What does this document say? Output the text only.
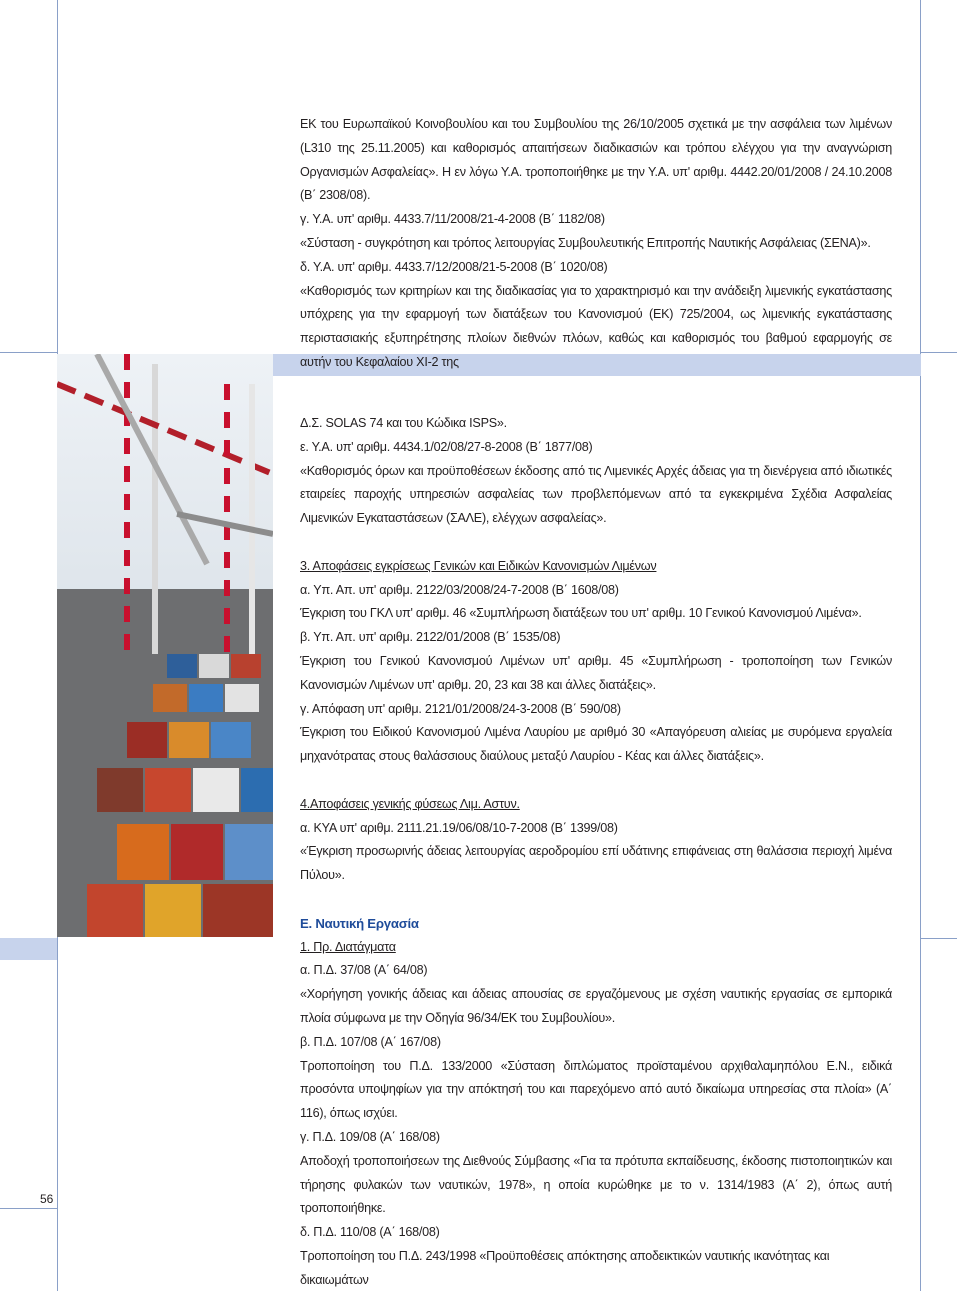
ΕΚ του Ευρωπαϊκού Κοινοβουλίου και του Συμβουλίου της 26/10/2005 σχετικά με την ασφάλεια των λιμένων (L310 της 25.11.2005) και καθορισμός απαιτήσεων διαδικασιών και τρόπου ελέγχου για την αναγνώριση Οργανισμών Ασφαλείας». Η εν λόγω Υ.Α. τροποποιήθηκε με την Υ.Α. υπ' αριθμ. 4442.20/01/2008 / 24.10.2008 (Β΄ 2308/08).

γ. Υ.Α. υπ' αριθμ. 4433.7/11/2008/21-4-2008 (Β΄ 1182/08)

«Σύσταση - συγκρότηση και τρόπος λειτουργίας Συμβουλευτικής Επιτροπής Ναυτικής Ασφάλειας (ΣΕΝΑ)».

δ. Υ.Α. υπ' αριθμ. 4433.7/12/2008/21-5-2008 (Β΄ 1020/08)

«Καθορισμός των κριτηρίων και της διαδικασίας για το χαρακτηρισμό και την ανάδειξη λιμενικής εγκατάστασης υπόχρεης για την εφαρμογή των διατάξεων του Κανονισμού (ΕΚ) 725/2004, ως λιμενικής εγκατάστασης περιστασιακής εξυπηρέτησης πλοίων διεθνών πλόων, καθώς και καθορισμός του βαθμού εφαρμογής σε αυτήν του Κεφαλαίου XI-2 της

Δ.Σ. SOLAS 74 και του Κώδικα ISPS».

ε. Υ.Α. υπ' αριθμ. 4434.1/02/08/27-8-2008 (Β΄ 1877/08)

«Καθορισμός όρων και προϋποθέσεων έκδοσης από τις Λιμενικές Αρχές άδειας για τη διενέργεια από ιδιωτικές εταιρείες παροχής υπηρεσιών ασφαλείας των προβλεπόμενων από τα εγκεκριμένα Σχέδια Ασφαλείας Λιμενικών Εγκαταστάσεων (ΣΑΛΕ), ελέγχων ασφαλείας».

3. Αποφάσεις εγκρίσεως Γενικών και Ειδικών Κανονισμών Λιμένων

α. Υπ. Απ. υπ' αριθμ. 2122/03/2008/24-7-2008 (Β΄ 1608/08)

Έγκριση του ΓΚΛ υπ' αριθμ. 46 «Συμπλήρωση διατάξεων του υπ' αριθμ. 10 Γενικού Κανονισμού Λιμένα».

β. Υπ. Απ. υπ' αριθμ. 2122/01/2008 (Β΄ 1535/08)

Έγκριση του Γενικού Κανονισμού Λιμένων υπ' αριθμ. 45 «Συμπλήρωση - τροποποίηση των Γενικών Κανονισμών Λιμένων υπ' αριθμ. 20, 23 και 38 και άλλες διατάξεις».

γ. Απόφαση υπ' αριθμ. 2121/01/2008/24-3-2008 (Β΄ 590/08)

Έγκριση του Ειδικού Κανονισμού Λιμένα Λαυρίου με αριθμό 30 «Απαγόρευση αλιείας με συρόμενα εργαλεία μηχανότρατας στους θαλάσσιους διαύλους μεταξύ Λαυρίου - Κέας και άλλες διατάξεις».

4.Αποφάσεις γενικής φύσεως Λιμ. Αστυν.

α. ΚΥΑ υπ' αριθμ. 2111.21.19/06/08/10-7-2008 (Β΄ 1399/08)

«Έγκριση προσωρινής άδειας λειτουργίας αεροδρομίου επί υδάτινης επιφάνειας στη θαλάσσια περιοχή λιμένα Πύλου».

Ε. Ναυτική Εργασία

1. Πρ. Διατάγματα

α. Π.Δ. 37/08 (Α΄ 64/08)

«Χορήγηση γονικής άδειας και άδειας απουσίας σε εργαζόμενους με σχέση ναυτικής εργασίας σε εμπορικά πλοία σύμφωνα με την Οδηγία 96/34/ΕΚ του Συμβουλίου».

β. Π.Δ. 107/08 (Α΄ 167/08)

Τροποποίηση του Π.Δ. 133/2000 «Σύσταση διπλώματος προϊσταμένου αρχιθαλαμηπόλου Ε.Ν., ειδικά προσόντα υποψηφίων για την απόκτησή του και παρεχόμενο από αυτό δικαίωμα υπηρεσίας στα πλοία» (Α΄ 116), όπως ισχύει.

γ. Π.Δ. 109/08 (Α΄ 168/08)

Αποδοχή τροποποιήσεων της Διεθνούς Σύμβασης «Για τα πρότυπα εκπαίδευσης, έκδοσης πιστοποιητικών και τήρησης φυλακών των ναυτικών, 1978», η οποία κυρώθηκε με το ν. 1314/1983 (Α΄ 2), όπως αυτή τροποποιήθηκε.

δ. Π.Δ. 110/08 (Α΄ 168/08)

Τροποποίηση του Π.Δ. 243/1998 «Προϋποθέσεις απόκτησης αποδεικτικών ναυτικής ικανότητας και δικαιωμάτων

56
